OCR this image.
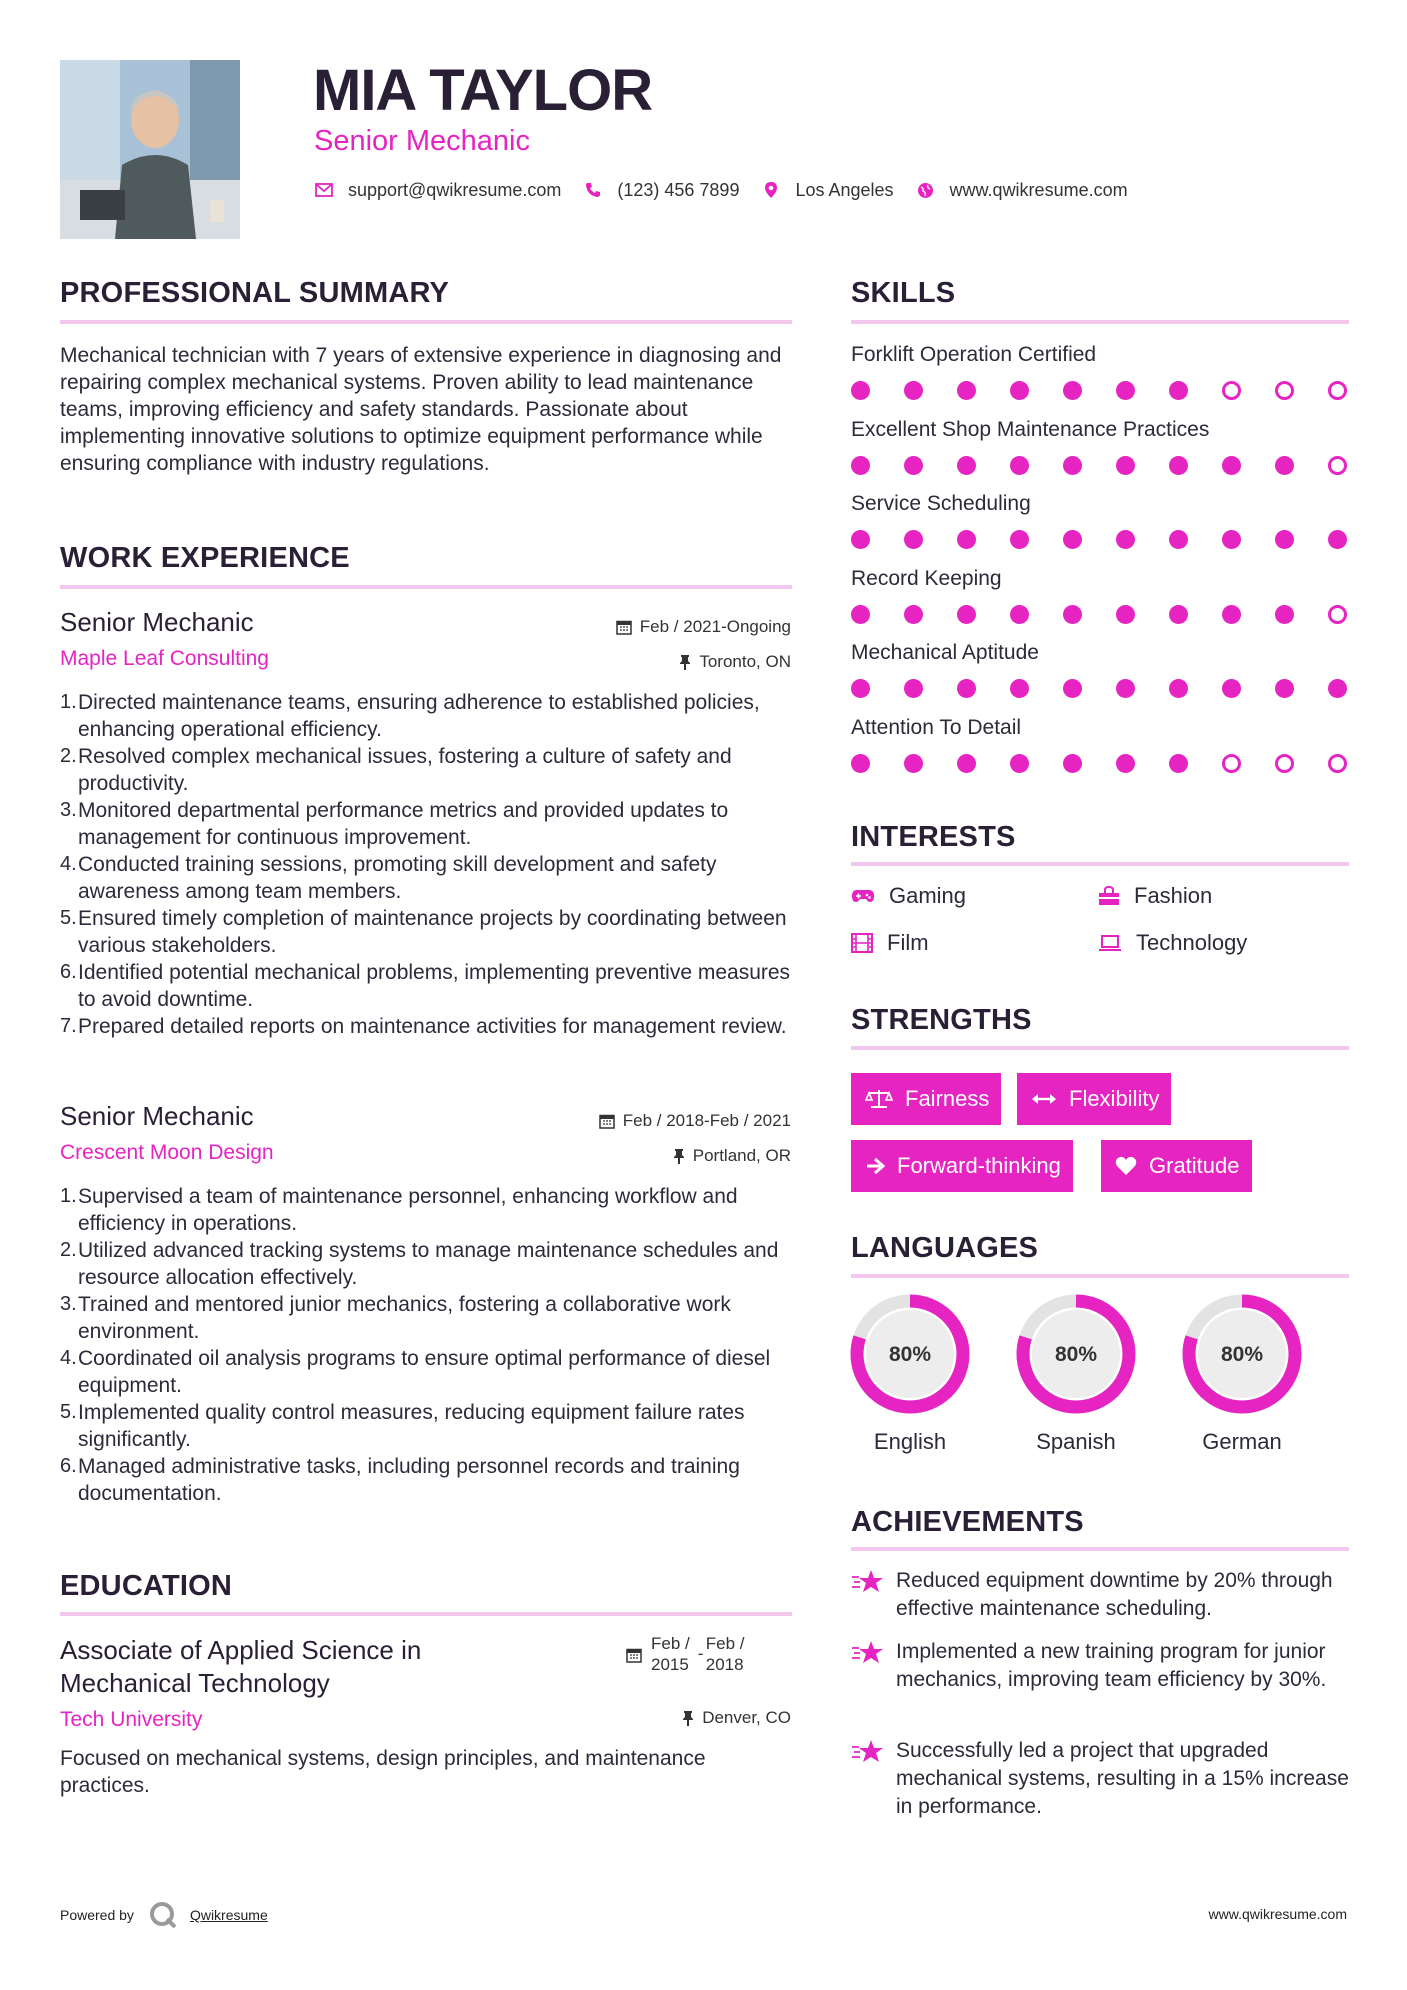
MIA TAYLOR
Senior Mechanic
support@qwikresume.com	(123) 456 7899	Los Angeles	www.qwikresume.com
PROFESSIONAL SUMMARY
Mechanical technician with 7 years of extensive experience in diagnosing and repairing complex mechanical systems. Proven ability to lead maintenance teams, improving efficiency and safety standards. Passionate about implementing innovative solutions to optimize equipment performance while ensuring compliance with industry regulations.
WORK EXPERIENCE
Senior Mechanic	Feb / 2021-Ongoing
Maple Leaf Consulting	Toronto, ON
1. Directed maintenance teams, ensuring adherence to established policies, enhancing operational efficiency.
2. Resolved complex mechanical issues, fostering a culture of safety and productivity.
3. Monitored departmental performance metrics and provided updates to management for continuous improvement.
4. Conducted training sessions, promoting skill development and safety awareness among team members.
5. Ensured timely completion of maintenance projects by coordinating between various stakeholders.
6. Identified potential mechanical problems, implementing preventive measures to avoid downtime.
7. Prepared detailed reports on maintenance activities for management review.
Senior Mechanic	Feb / 2018-Feb / 2021
Crescent Moon Design	Portland, OR
1. Supervised a team of maintenance personnel, enhancing workflow and efficiency in operations.
2. Utilized advanced tracking systems to manage maintenance schedules and resource allocation effectively.
3. Trained and mentored junior mechanics, fostering a collaborative work environment.
4. Coordinated oil analysis programs to ensure optimal performance of diesel equipment.
5. Implemented quality control measures, reducing equipment failure rates significantly.
6. Managed administrative tasks, including personnel records and training documentation.
EDUCATION
Associate of Applied Science in Mechanical Technology
Feb /
2015
-
Feb /
2018
Tech University	Denver, CO
Focused on mechanical systems, design principles, and maintenance practices.
SKILLS
Forklift Operation Certified
Excellent Shop Maintenance Practices
Service Scheduling
Record Keeping
Mechanical Aptitude
Attention To Detail
INTERESTS
Gaming	Fashion
Film	Technology
STRENGTHS
Fairness	Flexibility
Forward-thinking	Gratitude
LANGUAGES
80%
English
80%
Spanish
80%
German
ACHIEVEMENTS
Reduced equipment downtime by 20% through effective maintenance scheduling.
Implemented a new training program for junior mechanics, improving team efficiency by 30%.
Successfully led a project that upgraded mechanical systems, resulting in a 15% increase in performance.
Powered by	Qwikresume	www.qwikresume.com
